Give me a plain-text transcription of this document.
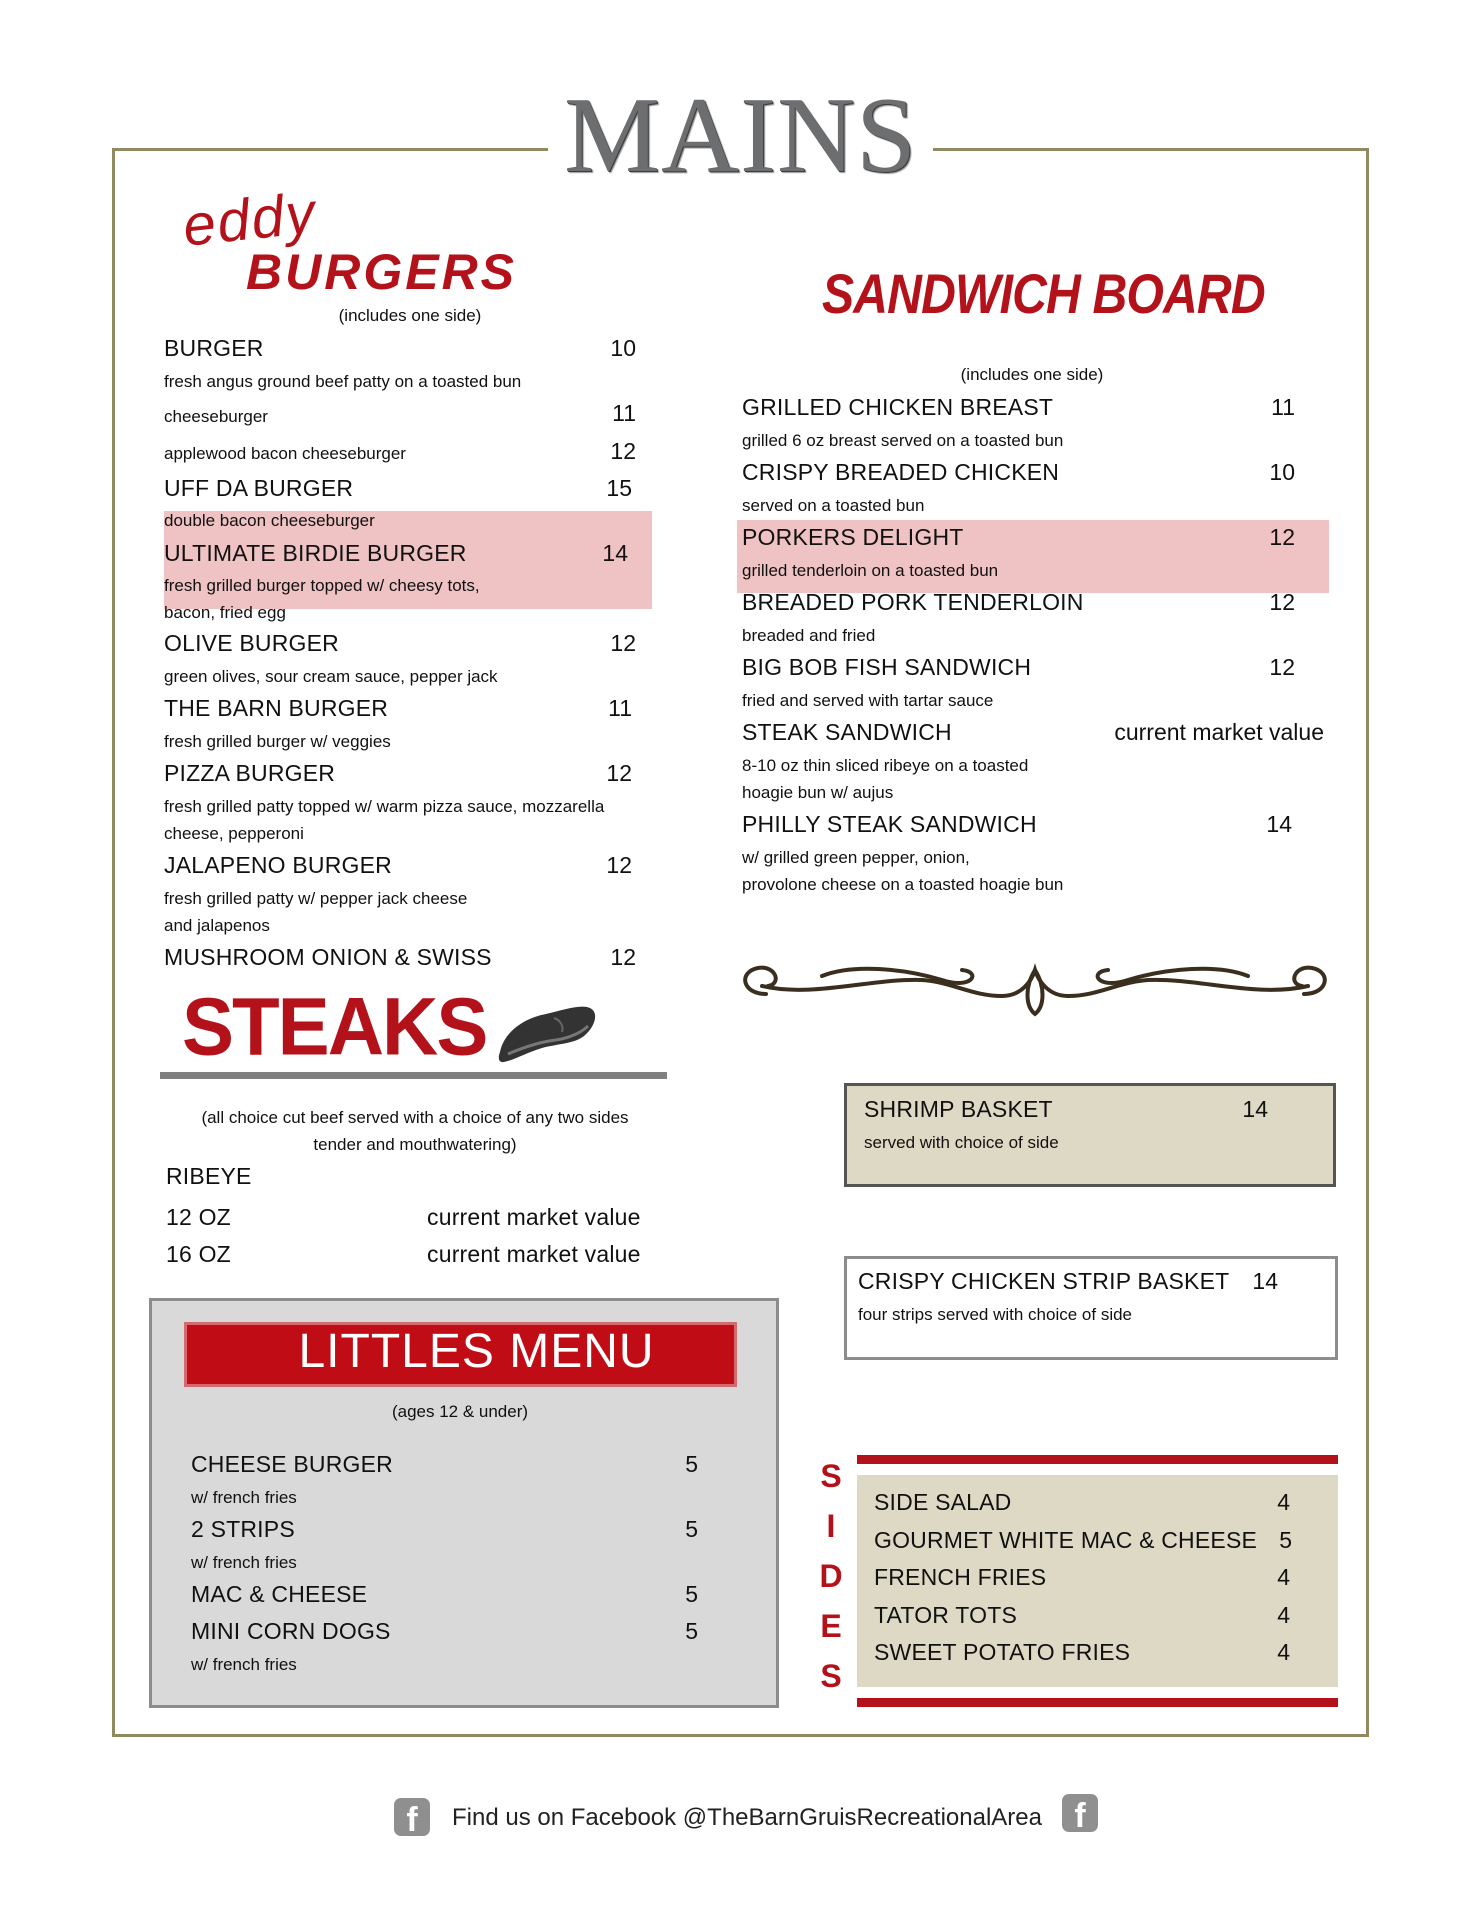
MAINS
eddy
BURGERS
(includes one side)
BURGER	10
fresh angus ground beef patty on a toasted bun
cheeseburger	11
applewood bacon cheeseburger	12
UFF DA BURGER	15
double bacon cheeseburger
ULTIMATE BIRDIE BURGER	14
fresh grilled burger topped w/ cheesy tots,
bacon, fried egg
OLIVE BURGER	12
green olives, sour cream sauce, pepper jack
THE BARN BURGER	11
fresh grilled burger w/ veggies
PIZZA BURGER	12
fresh grilled patty topped w/ warm pizza sauce, mozzarella
cheese, pepperoni
JALAPENO BURGER	12
fresh grilled patty w/ pepper jack cheese
and jalapenos
MUSHROOM ONION & SWISS	12
STEAKS
(all choice cut beef served with a choice of any two sides
tender and mouthwatering)
RIBEYE
12 OZ	current market value
16 OZ	current market value
LITTLES MENU
(ages 12 & under)
CHEESE BURGER	5
w/ french fries
2 STRIPS	5
w/ french fries
MAC & CHEESE	5
MINI CORN DOGS	5
w/ french fries
SANDWICH BOARD
(includes one side)
GRILLED CHICKEN BREAST	11
grilled 6 oz breast served on a toasted bun
CRISPY BREADED CHICKEN	10
served on a toasted bun
PORKERS DELIGHT	12
grilled tenderloin on a toasted bun
BREADED PORK TENDERLOIN	12
breaded and fried
BIG BOB FISH SANDWICH	12
fried and served with tartar sauce
STEAK SANDWICH	current market value
8-10 oz thin sliced ribeye on a toasted
hoagie bun w/ aujus
PHILLY STEAK SANDWICH	14
w/ grilled green pepper, onion,
provolone cheese on a toasted hoagie bun
SHRIMP BASKET	14
served with choice of side
CRISPY CHICKEN STRIP BASKET	14
four strips served with choice of side
S
I
D
E
S
SIDE SALAD	4
GOURMET WHITE MAC & CHEESE 5
FRENCH FRIES	4
TATOR TOTS	4
SWEET POTATO FRIES	4
f	Find us on Facebook @TheBarnGruisRecreationalArea f
